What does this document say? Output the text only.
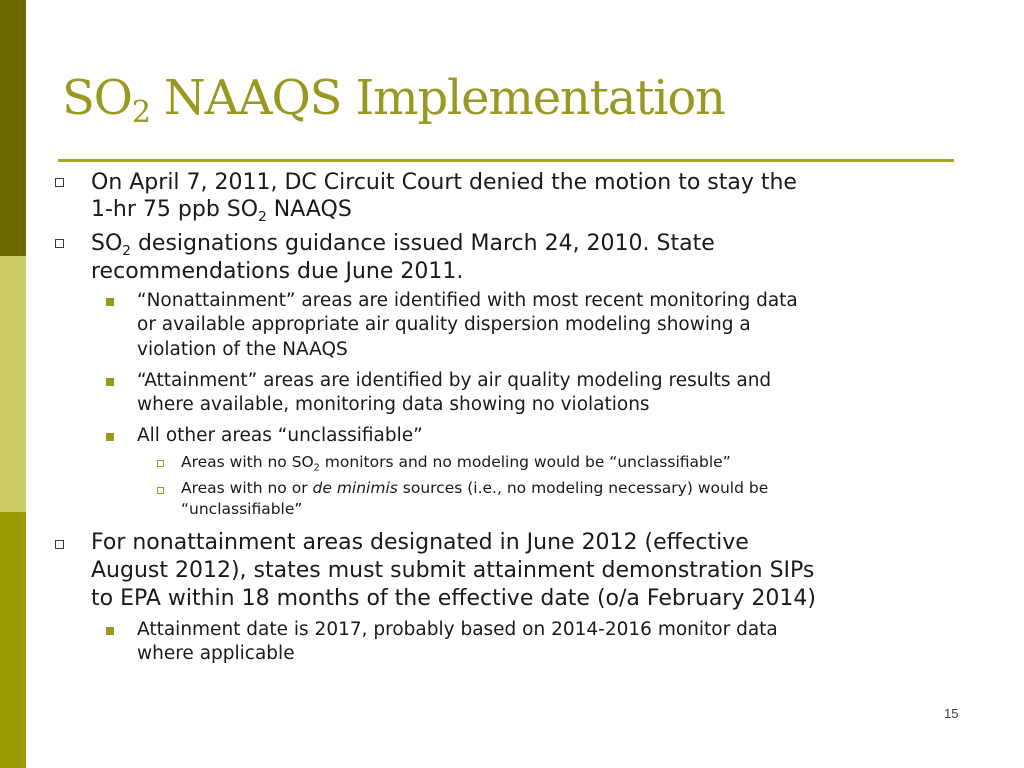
$SO_2$ NAAQS Implementation
On April 7, 2011, DC Circuit Court denied the motion to stay the
1-hr 75 ppb $SO_2$ NAAQS
$SO_2$ designations guidance issued March 24, 2010. State
recommendations due June 2011.
“Nonattainment” areas are identified with most recent monitoring data
or available appropriate air quality dispersion modeling showing a
violation of the NAAQS
“Attainment” areas are identified by air quality modeling results and
where available, monitoring data showing no violations
All other areas “unclassifiable”
Areas with no $SO_2$ monitors and no modeling would be “unclassifiable”
Areas with no or de minimis sources (i.e., no modeling necessary) would be
“unclassifiable”
For nonattainment areas designated in June 2012 (effective
August 2012), states must submit attainment demonstration SIPs
to EPA within 18 months of the effective date (o/a February 2014)
Attainment date is 2017, probably based on 2014-2016 monitor data
where applicable
15
